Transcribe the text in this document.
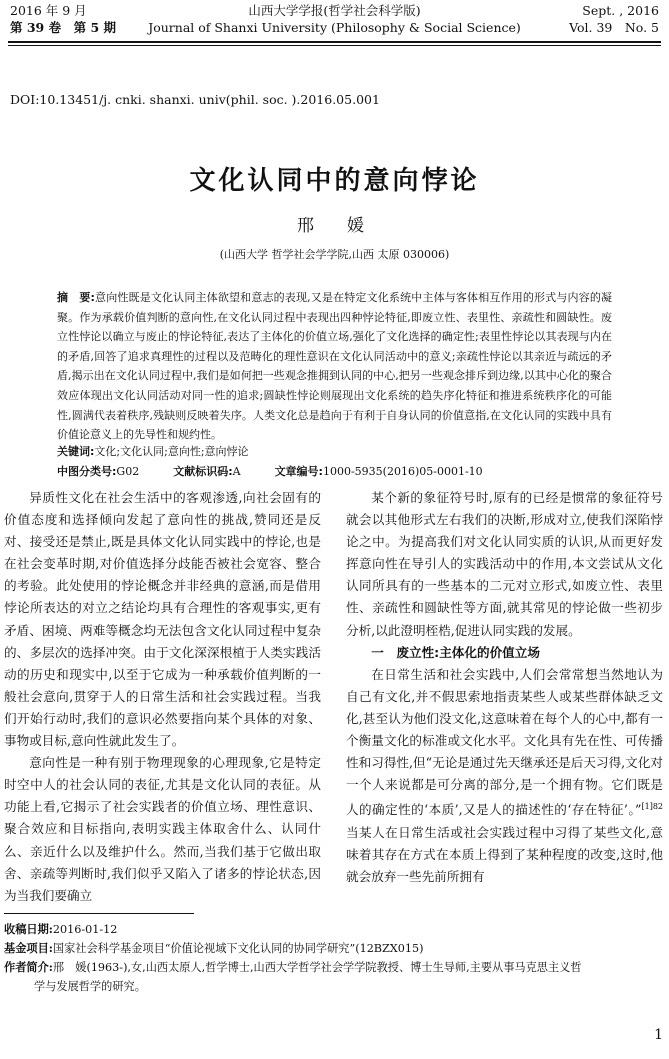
2016 年 9 月
第 39 卷　第 5 期
山西大学学报(哲学社会科学版)
Journal of Shanxi University (Philosophy & Social Science)
Sept. , 2016
Vol. 39　No. 5
DOI:10.13451/j. cnki. shanxi. univ(phil. soc. ).2016.05.001
文化认同中的意向悖论
邢　媛
(山西大学 哲学社会学学院,山西 太原 030006)

摘　要:意向性既是文化认同主体欲望和意志的表现,又是在特定文化系统中主体与客体相互作用的形式与内容的凝聚。作为承载价值判断的意向性,在文化认同过程中表现出四种悖论特征,即废立性、表里性、亲疏性和圆缺性。废立性悖论以确立与废止的悖论特征,表达了主体化的价值立场,强化了文化选择的确定性;表里性悖论以其表现与内在的矛盾,回答了追求真理性的过程以及范畴化的理性意识在文化认同活动中的意义;亲疏性悖论以其亲近与疏远的矛盾,揭示出在文化认同过程中,我们是如何把一些观念推拥到认同的中心,把另一些观念排斥到边缘,以其中心化的聚合效应体现出文化认同活动对同一性的追求;圆缺性悖论则展现出文化系统的趋失序化特征和推进系统秩序化的可能性,圆满代表着秩序,残缺则反映着失序。人类文化总是趋向于有利于自身认同的价值意指,在文化认同的实践中具有价值论意义上的先导性和规约性。

关键词:文化;文化认同;意向性;意向悖论
中图分类号:G02	文献标识码:A	文章编号:1000-5935(2016)05-0001-10

异质性文化在社会生活中的客观渗透,向社会固有的价值态度和选择倾向发起了意向性的挑战,赞同还是反对、接受还是禁止,既是具体文化认同实践中的悖论,也是在社会变革时期,对价值选择分歧能否被社会宽容、整合的考验。此处使用的悖论概念并非经典的意涵,而是借用悖论所表达的对立之结论均具有合理性的客观事实,更有矛盾、困境、两难等概念均无法包含文化认同过程中复杂的、多层次的选择冲突。由于文化深深根植于人类实践活动的历史和现实中,以至于它成为一种承载价值判断的一般社会意向,贯穿于人的日常生活和社会实践过程。当我们开始行动时,我们的意识必然要指向某个具体的对象、事物或目标,意向性就此发生了。

意向性是一种有别于物理现象的心理现象,它是特定时空中人的社会认同的表征,尤其是文化认同的表征。从功能上看,它揭示了社会实践者的价值立场、理性意识、聚合效应和目标指向,表明实践主体取舍什么、认同什么、亲近什么以及维护什么。然而,当我们基于它做出取舍、亲疏等判断时,我们似乎又陷入了诸多的悖论状态,因为当我们要确立

某个新的象征符号时,原有的已经是惯常的象征符号就会以其他形式左右我们的决断,形成对立,使我们深陷悖论之中。为提高我们对文化认同实质的认识,从而更好发挥意向性在导引人的实践活动中的作用,本文尝试从文化认同所具有的一些基本的二元对立形式,如废立性、表里性、亲疏性和圆缺性等方面,就其常见的悖论做一些初步分析,以此澄明桎梏,促进认同实践的发展。

一　废立性:主体化的价值立场

在日常生活和社会实践中,人们会常常想当然地认为自己有文化,并不假思索地指责某些人或某些群体缺乏文化,甚至认为他们没文化,这意味着在每个人的心中,都有一个衡量文化的标准或文化水平。文化具有先在性、可传播性和习得性,但“无论是通过先天继承还是后天习得,文化对一个人来说都是可分离的部分,是一个拥有物。它们既是人的确定性的‘本质’,又是人的描述性的‘存在特征’。”$^{[1]82}$当某人在日常生活或社会实践过程中习得了某些文化,意味着其存在方式在本质上得到了某种程度的改变,这时,他就会放弃一些先前所拥有

收稿日期:2016-01-12
基金项目:国家社会科学基金项目“价值论视域下文化认同的协同学研究”(12BZX015)
作者简介:邢　媛(1963-),女,山西太原人,哲学博士,山西大学哲学社会学学院教授、博士生导师,主要从事马克思主义哲
学与发展哲学的研究。
1
